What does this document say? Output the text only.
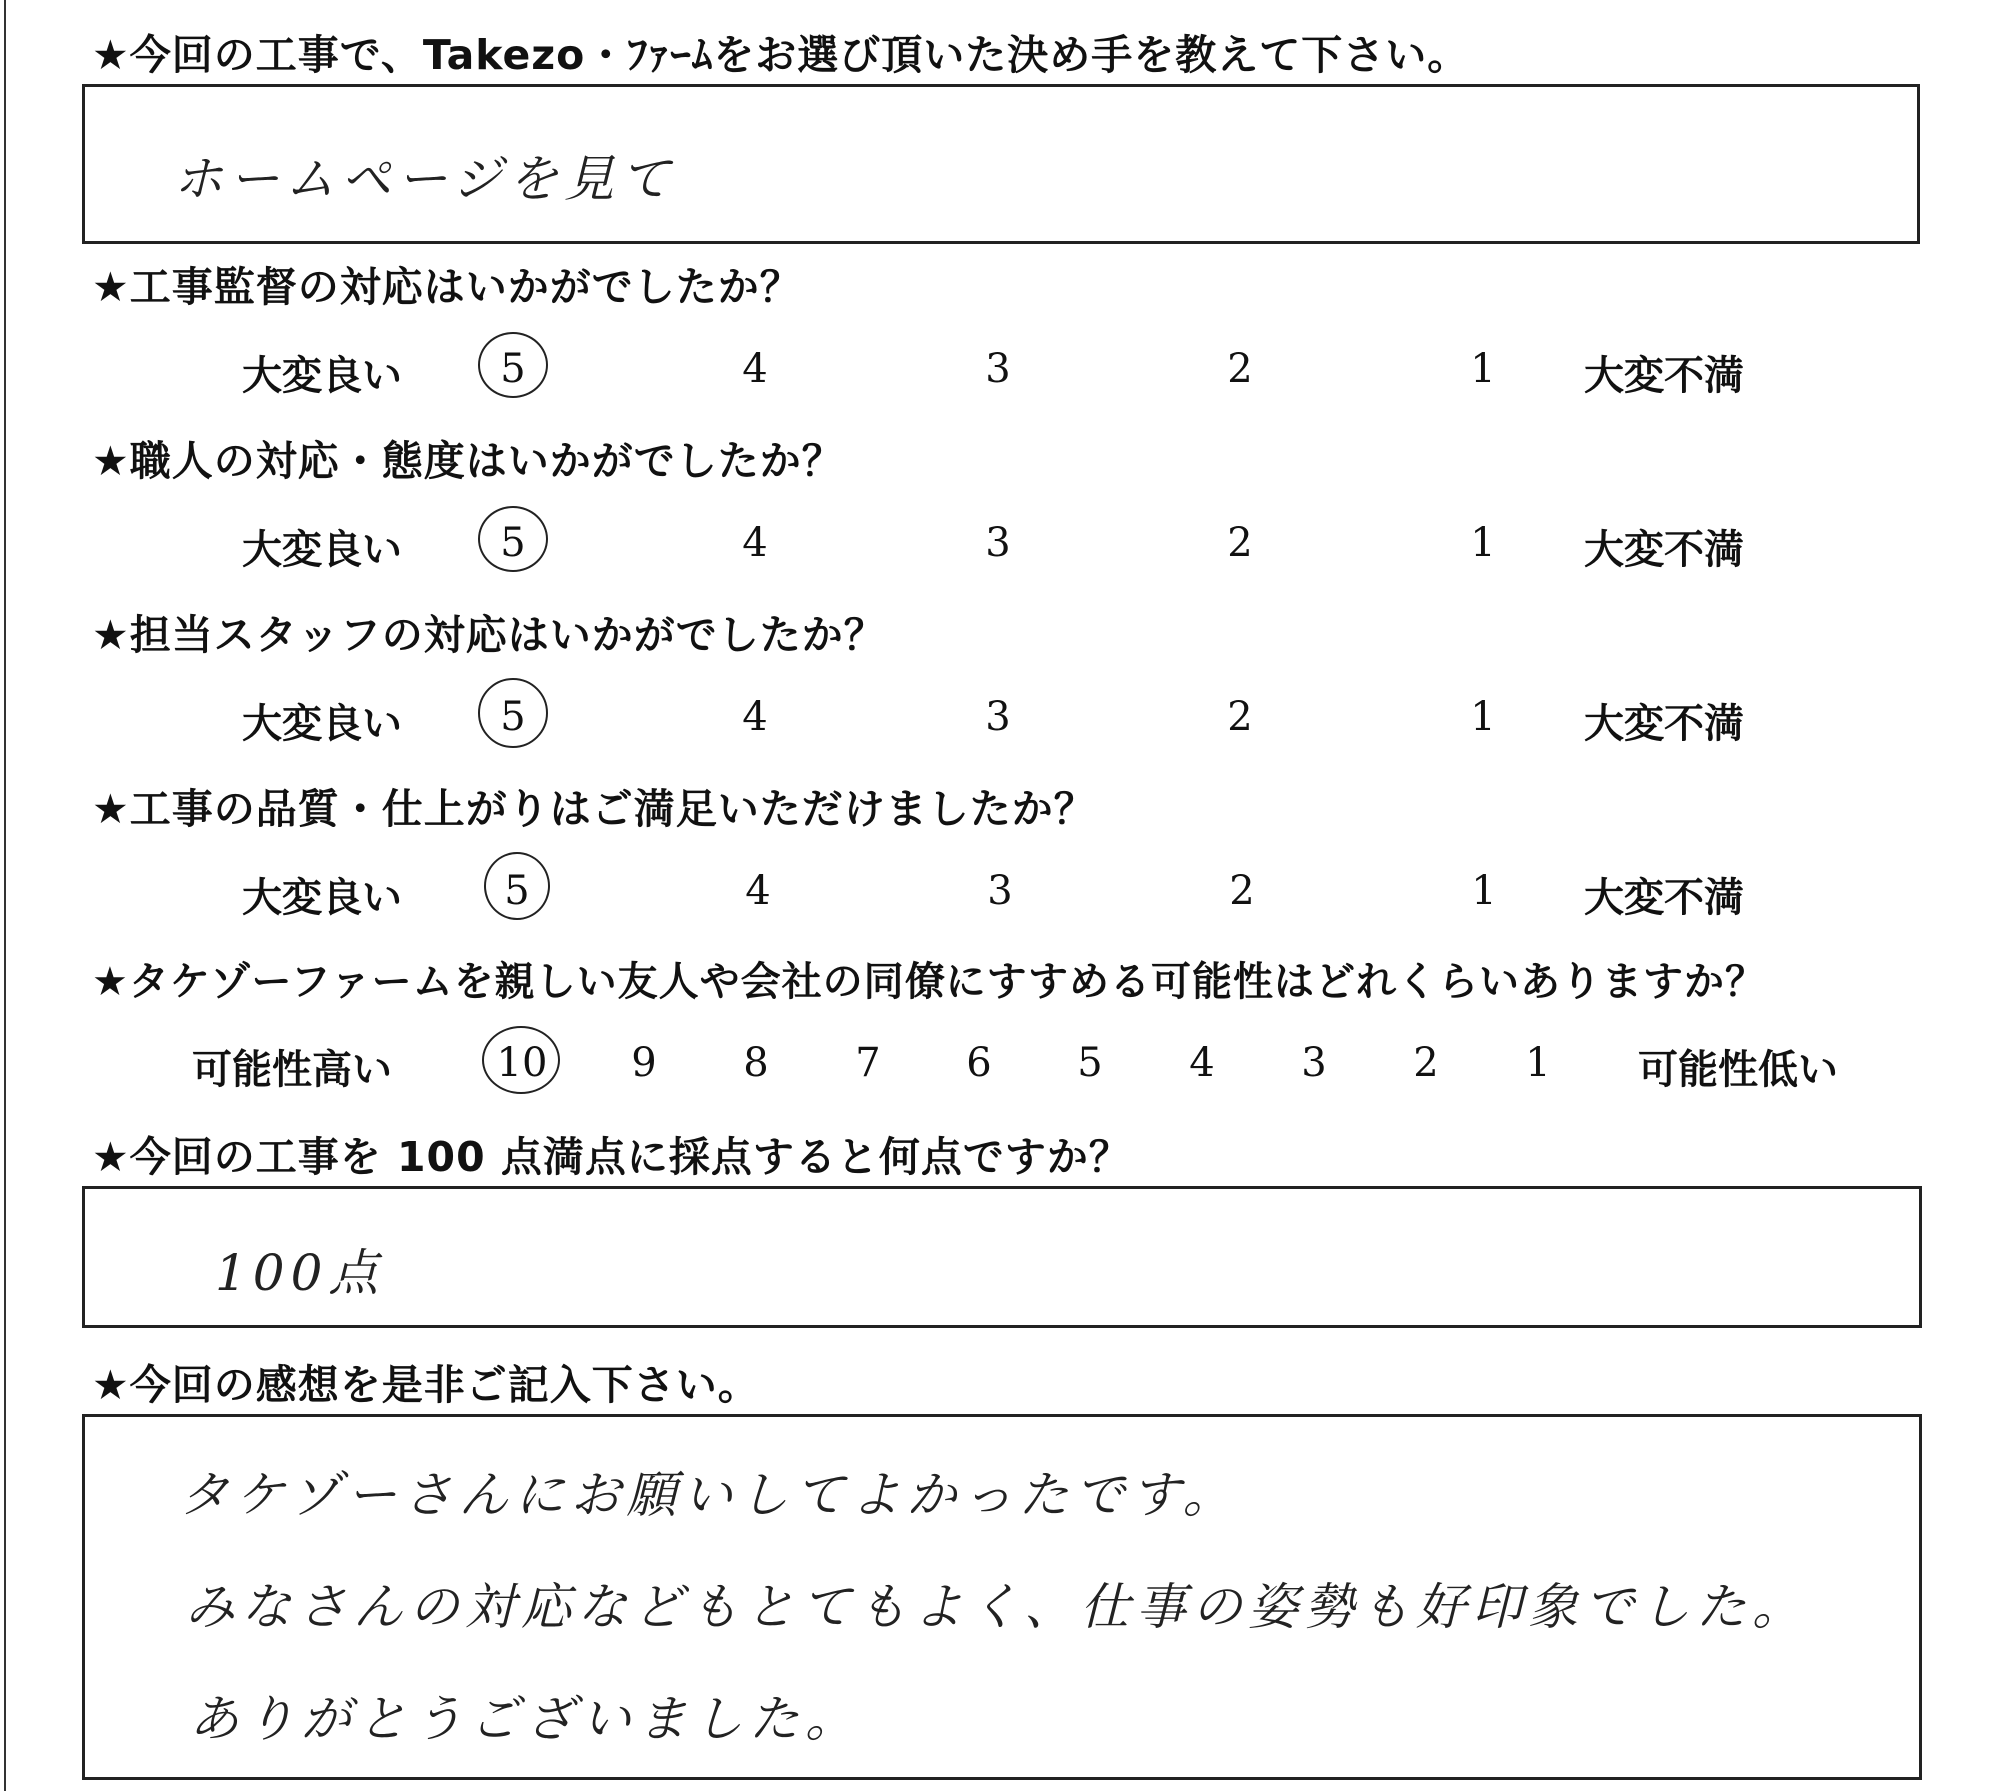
★今回の工事で、Takezo・ﾌｧｰﾑをお選び頂いた決め手を教えて下さい。
ホームページを見て
★工事監督の対応はいかがでしたか？
大変良い	5	4	3	2	1	大変不満
★職人の対応・態度はいかがでしたか？
大変良い	5	4	3	2	1	大変不満
★担当スタッフの対応はいかがでしたか？
大変良い	5	4	3	2	1	大変不満
★工事の品質・仕上がりはご満足いただけましたか？
大変良い	5	4	3	2	1	大変不満
★タケゾーファームを親しい友人や会社の同僚にすすめる可能性はどれくらいありますか？
可能性高い	10	9	8	7	6	5	4	3	2	1	可能性低い
★今回の工事を 100 点満点に採点すると何点ですか？
100点
★今回の感想を是非ご記入下さい。
タケゾーさんにお願いしてよかったです。
みなさんの対応などもとてもよく、仕事の姿勢も好印象でした。
ありがとうございました。
